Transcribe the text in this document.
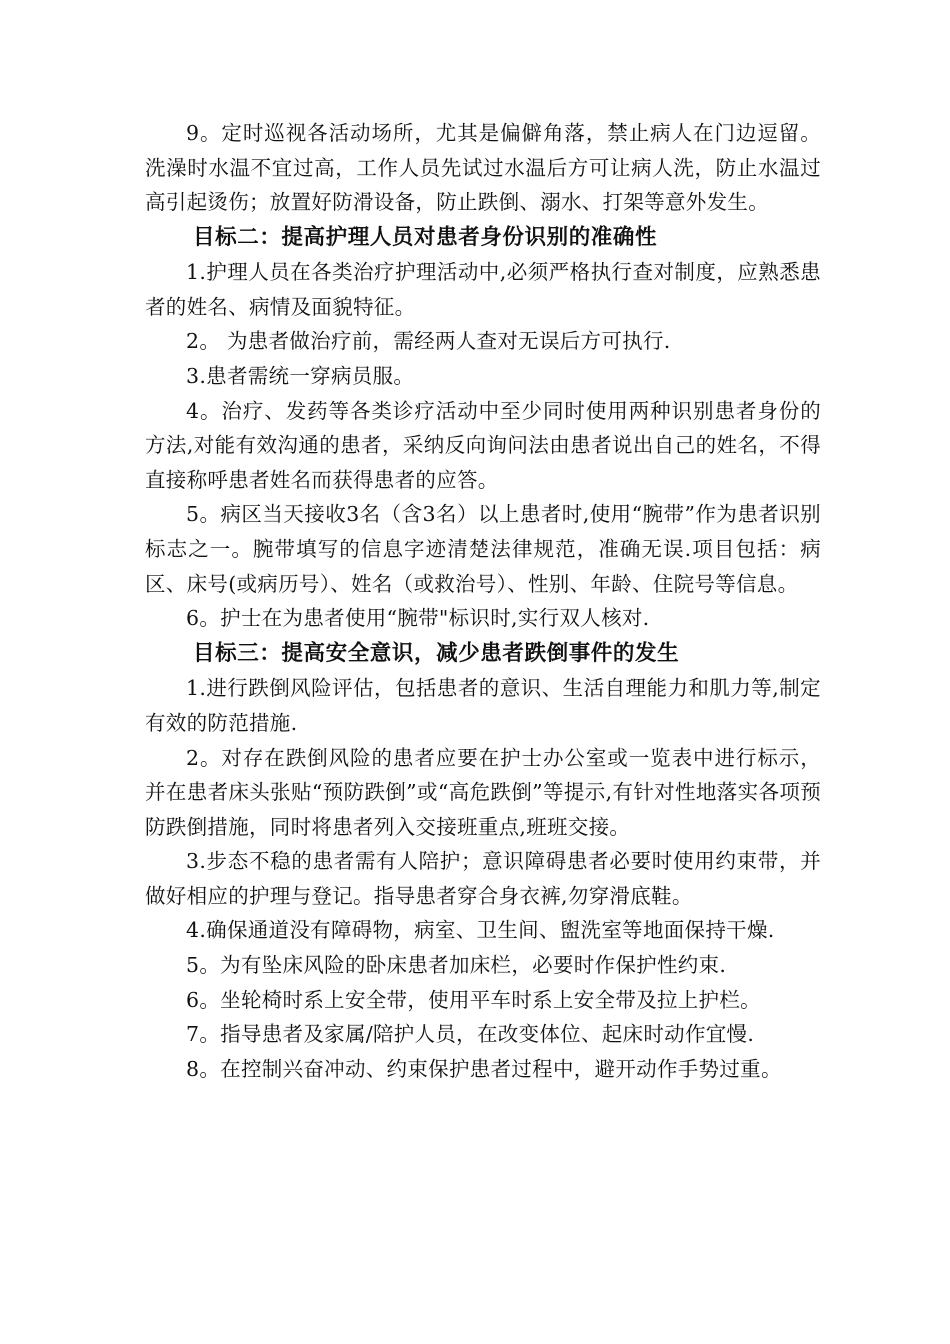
9。定时巡视各活动场所，尤其是偏僻角落，禁止病人在门边逗留。洗澡时水温不宜过高，工作人员先试过水温后方可让病人洗，防止水温过高引起烫伤；放置好防滑设备，防止跌倒、溺水、打架等意外发生。

目标二：提高护理人员对患者身份识别的准确性

1.护理人员在各类治疗护理活动中,必须严格执行查对制度，应熟悉患者的姓名、病情及面貌特征。

2。 为患者做治疗前，需经两人查对无误后方可执行.

3.患者需统一穿病员服。

4。治疗、发药等各类诊疗活动中至少同时使用两种识别患者身份的方法,对能有效沟通的患者，采纳反向询问法由患者说出自己的姓名，不得直接称呼患者姓名而获得患者的应答。

5。病区当天接收3名（含3名）以上患者时,使用“腕带”作为患者识别标志之一。腕带填写的信息字迹清楚法律规范，准确无误.项目包括：病区、床号(或病历号）、姓名（或救治号）、性别、年龄、住院号等信息。

6。护士在为患者使用“腕带"标识时,实行双人核对.

目标三：提高安全意识，减少患者跌倒事件的发生

1.进行跌倒风险评估，包括患者的意识、生活自理能力和肌力等,制定有效的防范措施.

2。对存在跌倒风险的患者应要在护士办公室或一览表中进行标示，并在患者床头张贴“预防跌倒”或“高危跌倒”等提示,有针对性地落实各项预防跌倒措施，同时将患者列入交接班重点,班班交接。

3.步态不稳的患者需有人陪护；意识障碍患者必要时使用约束带，并做好相应的护理与登记。指导患者穿合身衣裤,勿穿滑底鞋。

4.确保通道没有障碍物，病室、卫生间、盥洗室等地面保持干燥.

5。为有坠床风险的卧床患者加床栏，必要时作保护性约束.

6。坐轮椅时系上安全带，使用平车时系上安全带及拉上护栏。

7。指导患者及家属/陪护人员，在改变体位、起床时动作宜慢.

8。在控制兴奋冲动、约束保护患者过程中，避开动作手势过重。
